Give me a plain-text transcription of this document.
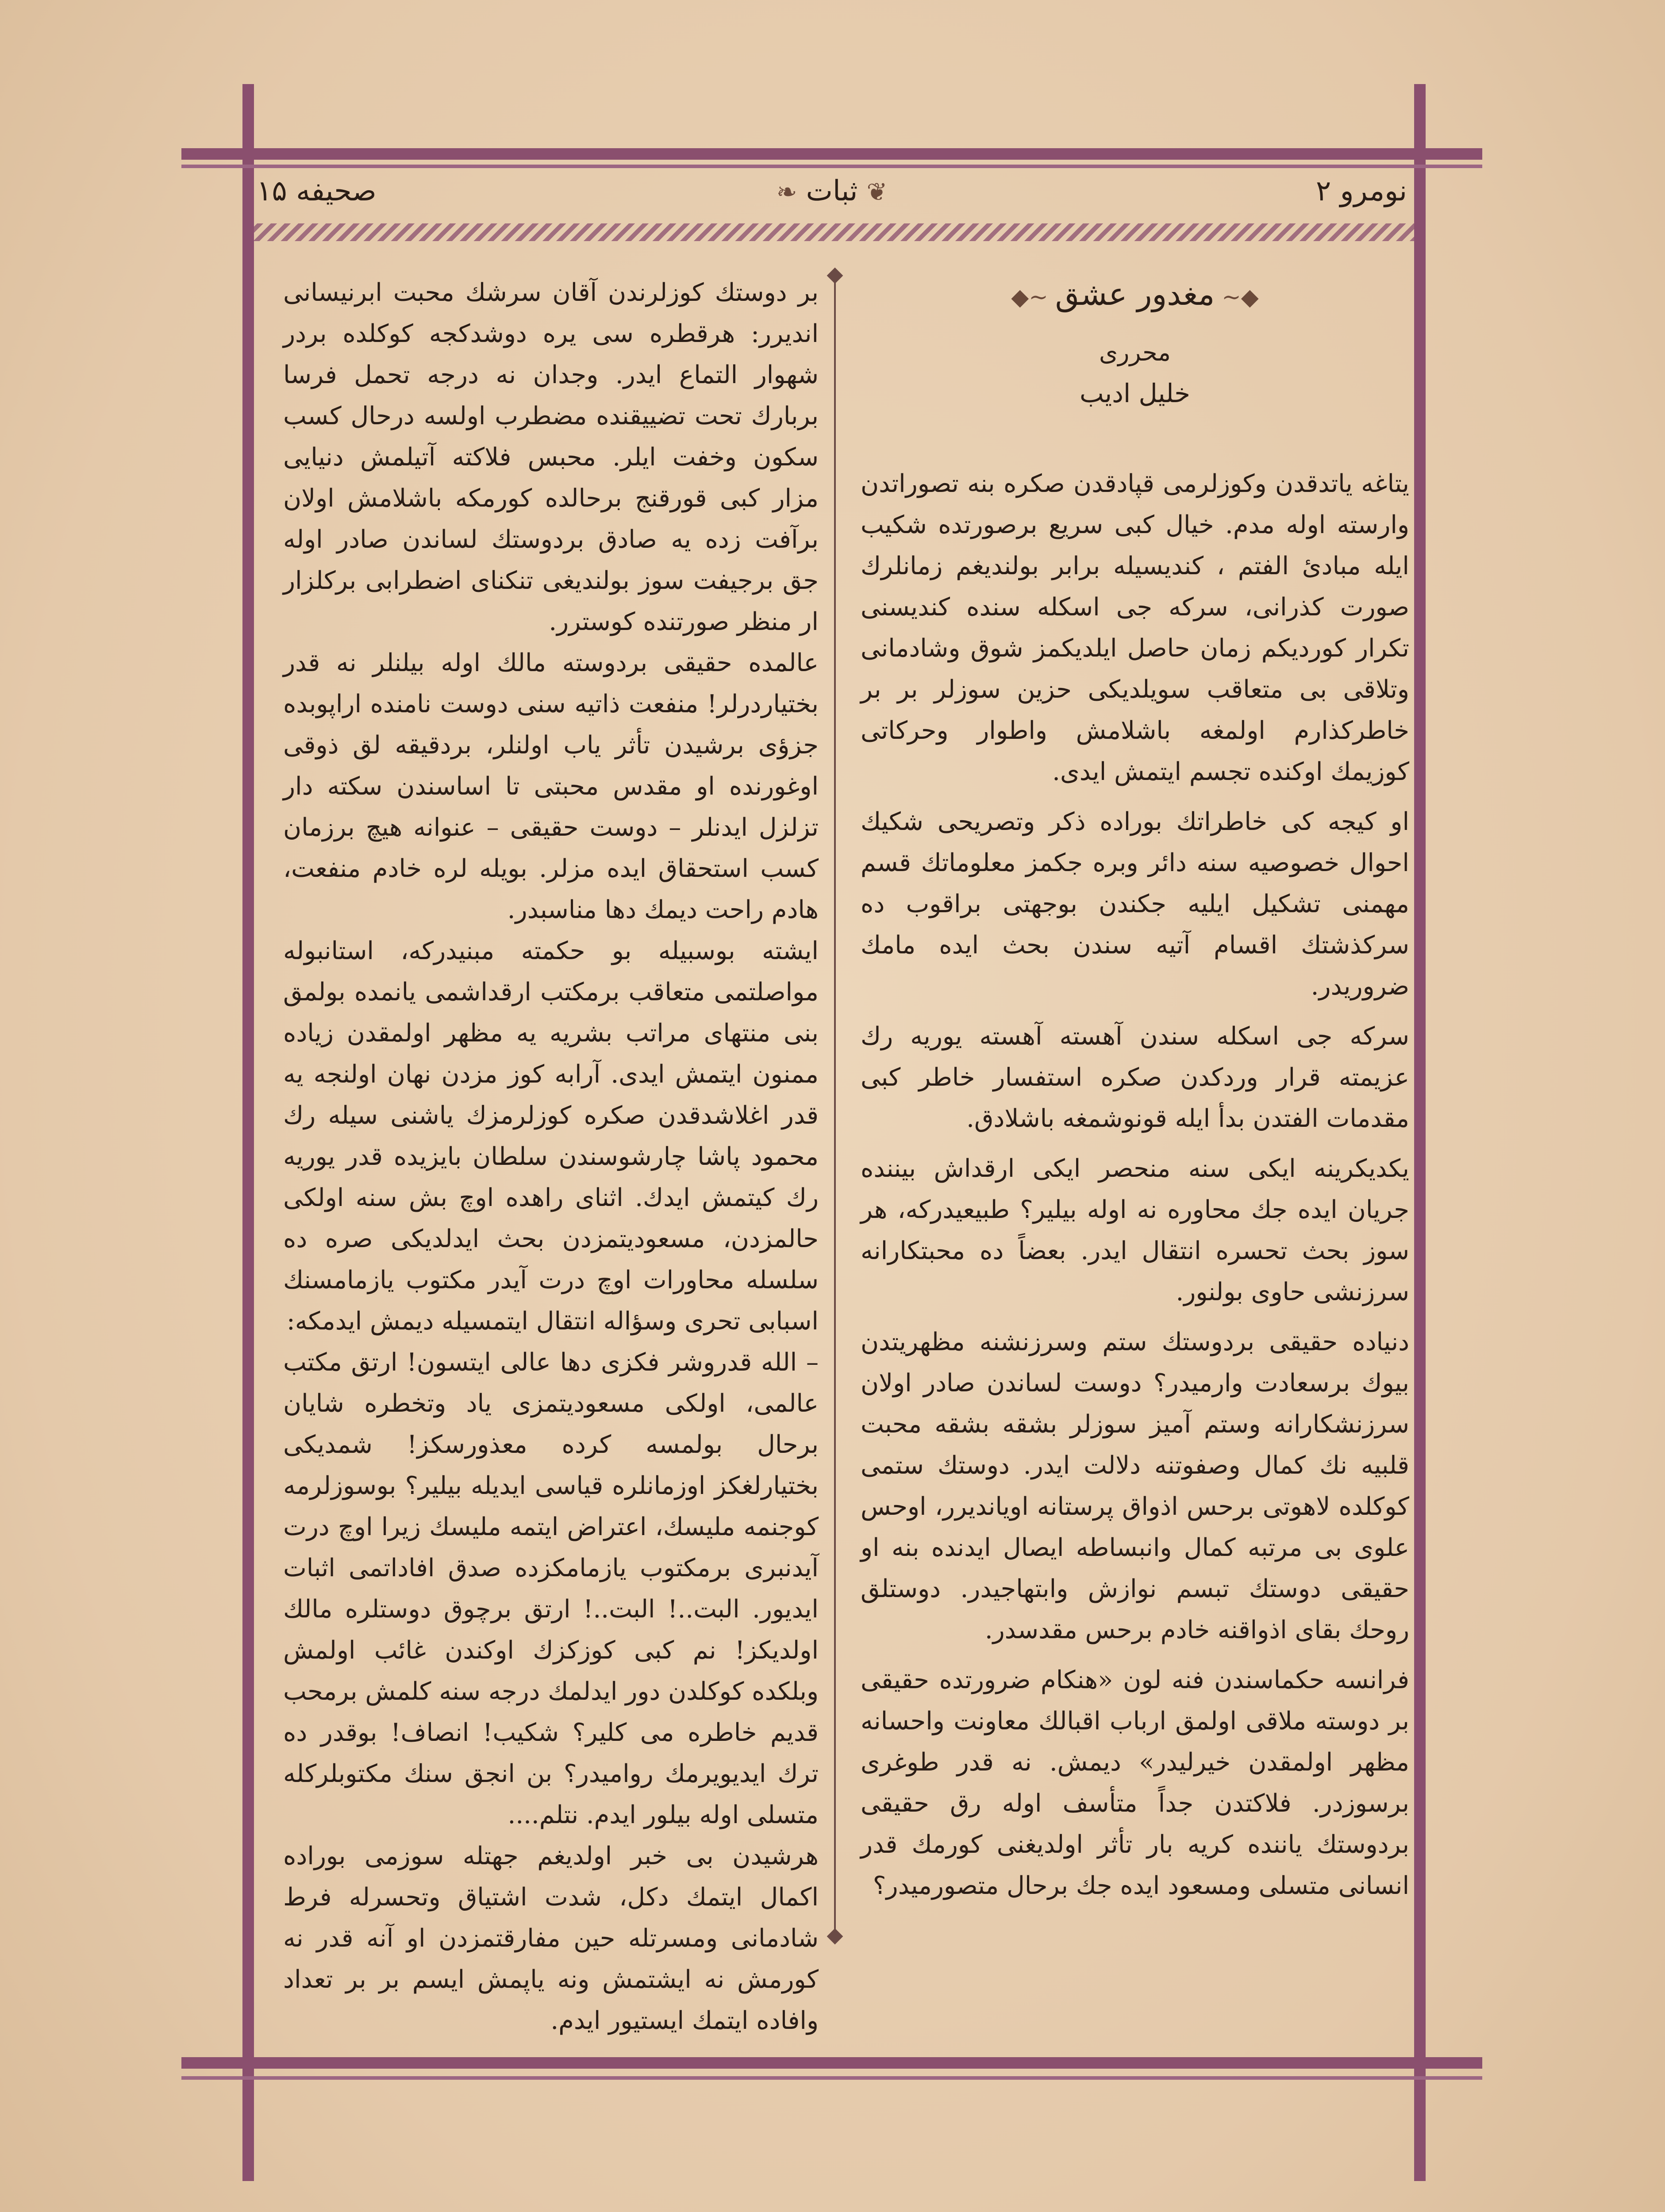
۱۵ صحیفه	❦ثبات❧	نومرو ۲
◆~مغدور عشق~◆
محرری
خلیل ادیب

یتاغه یاتدقدن وکوزلرمی قپادقدن صکره بنه تصوراتدن وارسته اوله مدم. خیال کبی سریع برصورتده شکیب ایله مبادئ الفتم ، کندیسیله برابر بولندیغم زمانلرك صورت کذرانی، سرکه جی اسکله سنده کندیسنی تکرار کوردیکم زمان حاصل ایلدیکمز شوق وشادمانی وتلاقی بی متعاقب سویلدیکی حزین سوزلر بر بر خاطرکذارم اولمغه باشلامش واطوار وحرکاتی کوزیمك اوکنده تجسم ایتمش ایدی.

او کیجه کی خاطراتك بوراده ذکر وتصریحی شکیك احوال خصوصیه سنه دائر وبره جکمز معلوماتك قسم مهمنی تشکیل ایلیه جکندن بوجهتی براقوب ده سرکذشتك اقسام آتیه سندن بحث ایده مامك ضروریدر.

سرکه جی اسکله سندن آهسته آهسته یوریه رك عزیمته قرار وردکدن صکره استفسار خاطر کبی مقدمات الفتدن بدأ ایله قونوشمغه باشلادق.

یکدیکرینه ایکی سنه منحصر ایکی ارقداش بیننده جریان ایده جك محاوره نه اوله بیلیر؟ طبیعیدرکه، هر سوز بحث تحسره انتقال ایدر. بعضاً ده محبتکارانه سرزنشی حاوی بولنور.

دنیاده حقیقی بردوستك ستم وسرزنشنه مظهریتدن بیوك برسعادت وارمیدر؟ دوست لساندن صادر اولان سرزنشکارانه وستم آمیز سوزلر بشقه بشقه محبت قلبیه نك کمال وصفوتنه دلالت ایدر. دوستك ستمی کوکلده لاهوتی برحس اذواق پرستانه اویاندیرر، اوحس علوی بی مرتبه کمال وانبساطه ایصال ایدنده بنه او حقیقی دوستك تبسم نوازش وابتهاجیدر. دوستلق روحك بقای اذواقنه خادم برحس مقدسدر.

فرانسه حکماسندن فنه لون «هنکام ضرورتده حقیقی بر دوسته ملاقی اولمق ارباب اقبالك معاونت واحسانه مظهر اولمقدن خیرلیدر» دیمش. نه قدر طوغری برسوزدر. فلاکتدن جداً متأسف اوله رق حقیقی بردوستك یاننده کریه بار تأثر اولدیغنی کورمك قدر انسانی متسلی ومسعود ایده جك برحال متصورمیدر؟

بر دوستك کوزلرندن آقان سرشك محبت ابرنیسانی اندیرر: هرقطره سی یره دوشدکجه کوکلده بردر شهوار التماع ایدر. وجدان نه درجه تحمل فرسا بربارك تحت تضییقنده مضطرب اولسه درحال کسب سکون وخفت ایلر. محبس فلاکته آتیلمش دنیایی مزار کبی قورقنج برحالده کورمکه باشلامش اولان برآفت زده یه صادق بردوستك لساندن صادر اوله جق برجیفت سوز بولندیغی تنکنای اضطرابی برکلزار ار منظر صورتنده کوسترر.

عالمده حقیقی بردوسته مالك اوله بیلنلر نه قدر بختیاردرلر! منفعت ذاتیه سنی دوست نامنده اراپوبده جزؤی برشیدن تأثر یاب اولنلر، بردقیقه لق ذوقی اوغورنده او مقدس محبتی تا اساسندن سکته دار تزلزل ایدنلر – دوست حقیقی – عنوانه هیچ برزمان کسب استحقاق ایده مزلر. بویله لره خادم منفعت، هادم راحت دیمك دها مناسبدر.

ایشته بوسبیله بو حکمته مبنیدرکه، استانبوله مواصلتمی متعاقب برمکتب ارقداشمی یانمده بولمق بنی منتهای مراتب بشریه یه مظهر اولمقدن زیاده ممنون ایتمش ایدی. آرابه کوز مزدن نهان اولنجه یه قدر اغلاشدقدن صکره کوزلرمزك یاشنی سیله رك محمود پاشا چارشوسندن سلطان بایزیده قدر یوریه رك کیتمش ایدك. اثنای راهده اوچ بش سنه اولکی حالمزدن، مسعودیتمزدن بحث ایدلدیکی صره ده سلسله محاورات اوچ درت آیدر مکتوب یازمامسنك اسبابی تحری وسؤاله انتقال ایتمسیله دیمش ایدمکه:

– الله قدروشر فکزی دها عالی ایتسون! ارتق مکتب عالمی، اولکی مسعودیتمزی یاد وتخطره شایان برحال بولمسه کرده معذورسکز! شمدیکی بختیارلغکز اوزمانلره قیاسی ایدیله بیلیر؟ بوسوزلرمه کوجنمه ملیسك، اعتراض ایتمه ملیسك زیرا اوچ درت آیدنبری برمکتوب یازمامکزده صدق افاداتمی اثبات ایدیور. البت..! البت..! ارتق برچوق دوستلره مالك اولدیکز! نم کبی کوزکزك اوکندن غائب اولمش وبلکده کوکلدن دور ایدلمك درجه سنه کلمش برمحب قدیم خاطره می کلیر؟ شکیب! انصاف! بوقدر ده ترك ایدیویرمك روامیدر؟ بن انجق سنك مکتوبلرکله متسلی اوله بیلور ایدم. نتلم....

هرشیدن بی خبر اولدیغم جهتله سوزمی بوراده اکمال ایتمك دکل، شدت اشتیاق وتحسرله فرط شادمانی ومسرتله حین مفارقتمزدن او آنه قدر نه کورمش نه ایشتمش ونه یاپمش ایسم بر بر تعداد وافاده ایتمك ایستیور ایدم.
